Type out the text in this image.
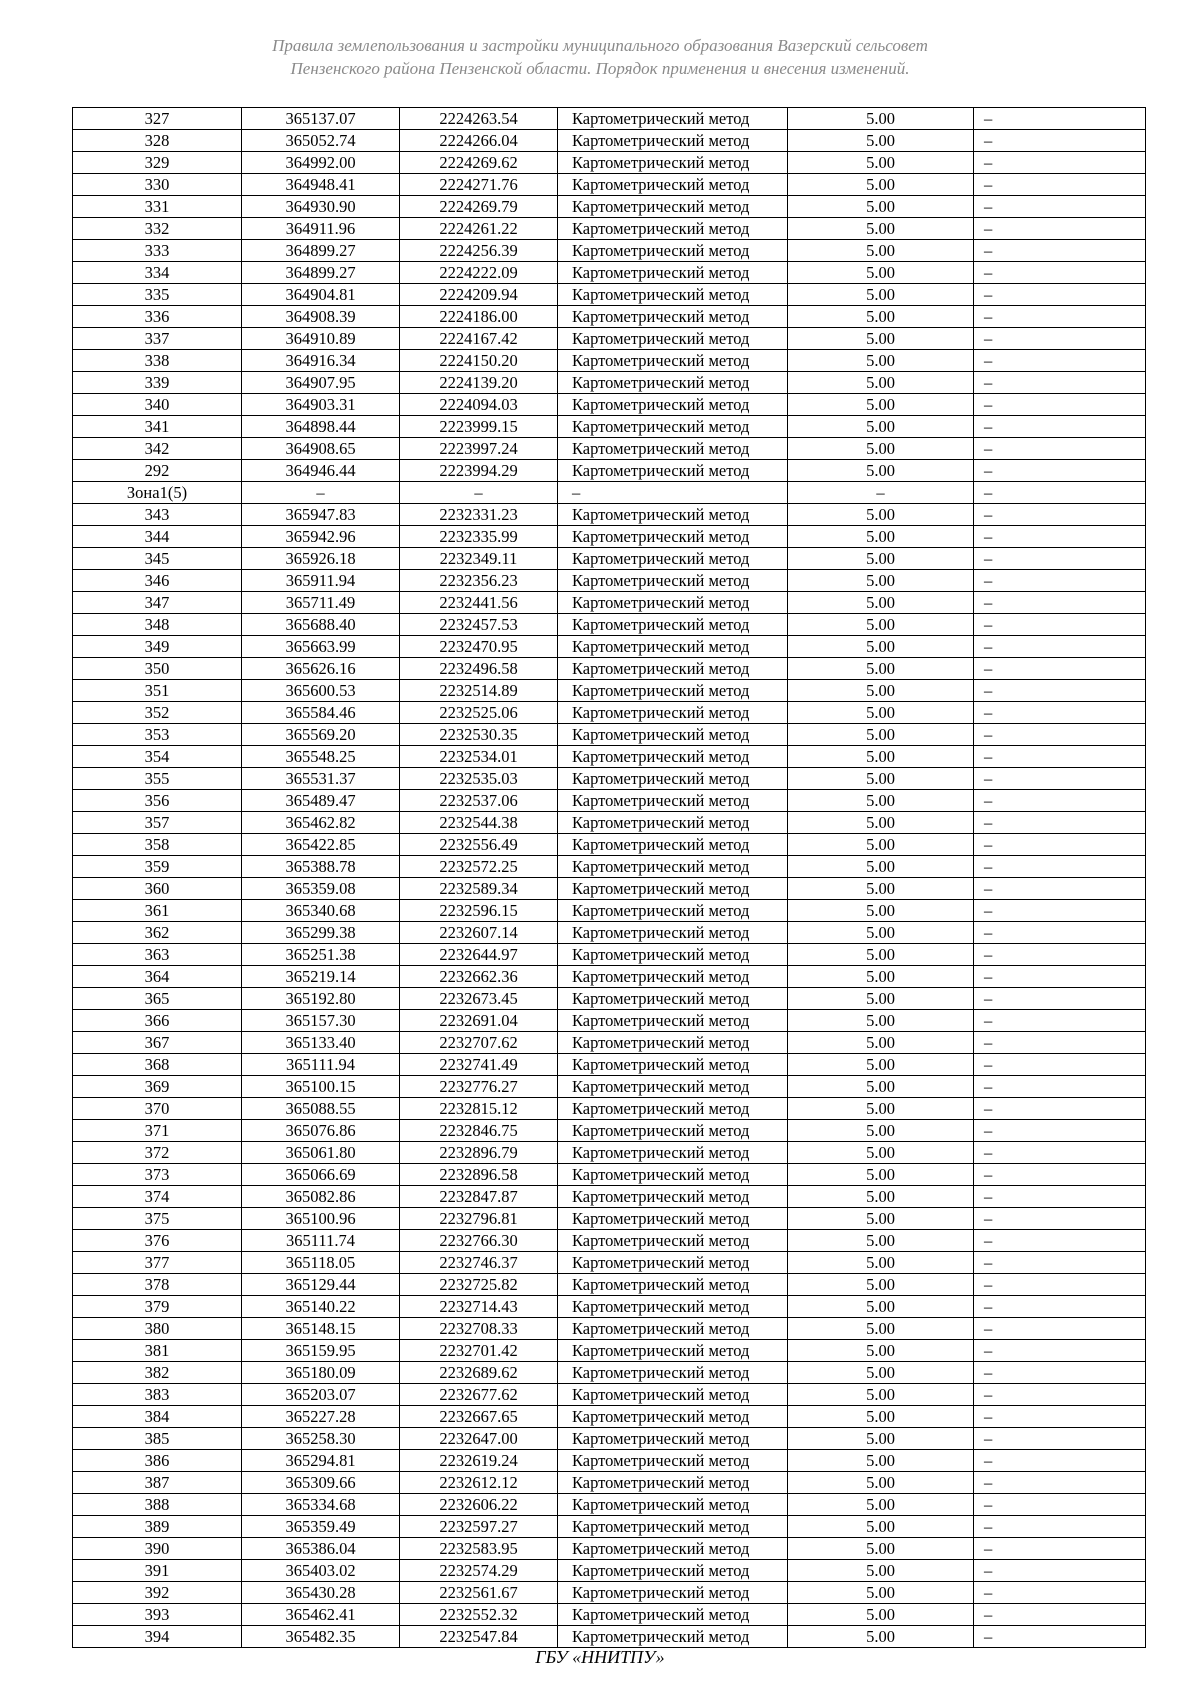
Правила землепользования и застройки муниципального образования Вазерский сельсовет
Пензенского района Пензенской области. Порядок применения и внесения изменений.
327	365137.07	2224263.54	Картометрический метод	5.00	–
328	365052.74	2224266.04	Картометрический метод	5.00	–
329	364992.00	2224269.62	Картометрический метод	5.00	–
330	364948.41	2224271.76	Картометрический метод	5.00	–
331	364930.90	2224269.79	Картометрический метод	5.00	–
332	364911.96	2224261.22	Картометрический метод	5.00	–
333	364899.27	2224256.39	Картометрический метод	5.00	–
334	364899.27	2224222.09	Картометрический метод	5.00	–
335	364904.81	2224209.94	Картометрический метод	5.00	–
336	364908.39	2224186.00	Картометрический метод	5.00	–
337	364910.89	2224167.42	Картометрический метод	5.00	–
338	364916.34	2224150.20	Картометрический метод	5.00	–
339	364907.95	2224139.20	Картометрический метод	5.00	–
340	364903.31	2224094.03	Картометрический метод	5.00	–
341	364898.44	2223999.15	Картометрический метод	5.00	–
342	364908.65	2223997.24	Картометрический метод	5.00	–
292	364946.44	2223994.29	Картометрический метод	5.00	–
Зона1(5)	–	–	–	–	–
343	365947.83	2232331.23	Картометрический метод	5.00	–
344	365942.96	2232335.99	Картометрический метод	5.00	–
345	365926.18	2232349.11	Картометрический метод	5.00	–
346	365911.94	2232356.23	Картометрический метод	5.00	–
347	365711.49	2232441.56	Картометрический метод	5.00	–
348	365688.40	2232457.53	Картометрический метод	5.00	–
349	365663.99	2232470.95	Картометрический метод	5.00	–
350	365626.16	2232496.58	Картометрический метод	5.00	–
351	365600.53	2232514.89	Картометрический метод	5.00	–
352	365584.46	2232525.06	Картометрический метод	5.00	–
353	365569.20	2232530.35	Картометрический метод	5.00	–
354	365548.25	2232534.01	Картометрический метод	5.00	–
355	365531.37	2232535.03	Картометрический метод	5.00	–
356	365489.47	2232537.06	Картометрический метод	5.00	–
357	365462.82	2232544.38	Картометрический метод	5.00	–
358	365422.85	2232556.49	Картометрический метод	5.00	–
359	365388.78	2232572.25	Картометрический метод	5.00	–
360	365359.08	2232589.34	Картометрический метод	5.00	–
361	365340.68	2232596.15	Картометрический метод	5.00	–
362	365299.38	2232607.14	Картометрический метод	5.00	–
363	365251.38	2232644.97	Картометрический метод	5.00	–
364	365219.14	2232662.36	Картометрический метод	5.00	–
365	365192.80	2232673.45	Картометрический метод	5.00	–
366	365157.30	2232691.04	Картометрический метод	5.00	–
367	365133.40	2232707.62	Картометрический метод	5.00	–
368	365111.94	2232741.49	Картометрический метод	5.00	–
369	365100.15	2232776.27	Картометрический метод	5.00	–
370	365088.55	2232815.12	Картометрический метод	5.00	–
371	365076.86	2232846.75	Картометрический метод	5.00	–
372	365061.80	2232896.79	Картометрический метод	5.00	–
373	365066.69	2232896.58	Картометрический метод	5.00	–
374	365082.86	2232847.87	Картометрический метод	5.00	–
375	365100.96	2232796.81	Картометрический метод	5.00	–
376	365111.74	2232766.30	Картометрический метод	5.00	–
377	365118.05	2232746.37	Картометрический метод	5.00	–
378	365129.44	2232725.82	Картометрический метод	5.00	–
379	365140.22	2232714.43	Картометрический метод	5.00	–
380	365148.15	2232708.33	Картометрический метод	5.00	–
381	365159.95	2232701.42	Картометрический метод	5.00	–
382	365180.09	2232689.62	Картометрический метод	5.00	–
383	365203.07	2232677.62	Картометрический метод	5.00	–
384	365227.28	2232667.65	Картометрический метод	5.00	–
385	365258.30	2232647.00	Картометрический метод	5.00	–
386	365294.81	2232619.24	Картометрический метод	5.00	–
387	365309.66	2232612.12	Картометрический метод	5.00	–
388	365334.68	2232606.22	Картометрический метод	5.00	–
389	365359.49	2232597.27	Картометрический метод	5.00	–
390	365386.04	2232583.95	Картометрический метод	5.00	–
391	365403.02	2232574.29	Картометрический метод	5.00	–
392	365430.28	2232561.67	Картометрический метод	5.00	–
393	365462.41	2232552.32	Картометрический метод	5.00	–
394	365482.35	2232547.84	Картометрический метод	5.00	–
ГБУ «ННИТПУ»
